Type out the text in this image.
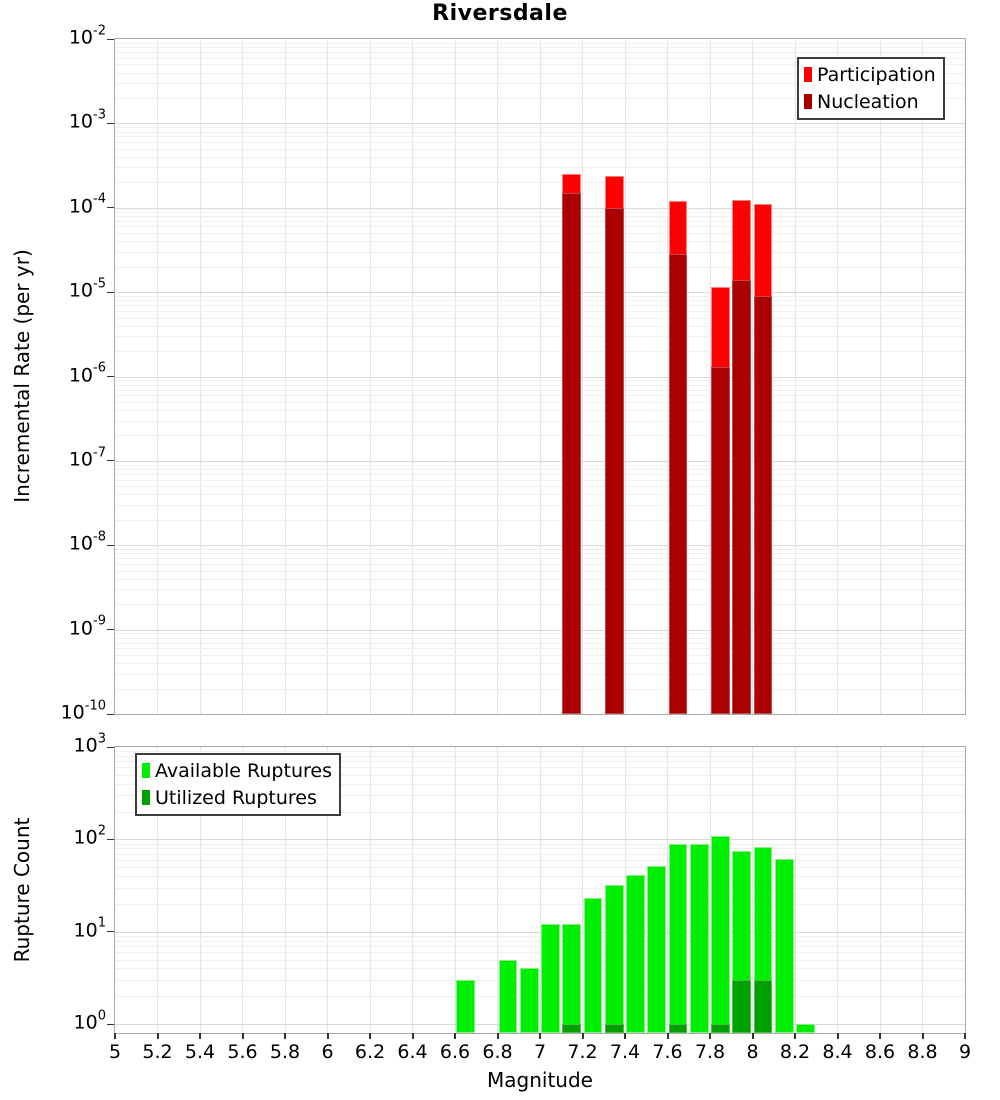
Riversdale
Incremental Rate (per yr)
Rupture Count
Magnitude
Participation
Nucleation
Available Ruptures
Utilized Ruptures
$10^{-10}$
$10^{-9}$
$10^{-8}$
$10^{-7}$
$10^{-6}$
$10^{-5}$
$10^{-4}$
$10^{-3}$
$10^{-2}$
$10^0$
$10^1$
$10^2$
$10^3$
5 5.2 5.4 5.6 5.8 6 6.2 6.4 6.6 6.8 7 7.2 7.4 7.6 7.8 8 8.2 8.4 8.6 8.8 9
